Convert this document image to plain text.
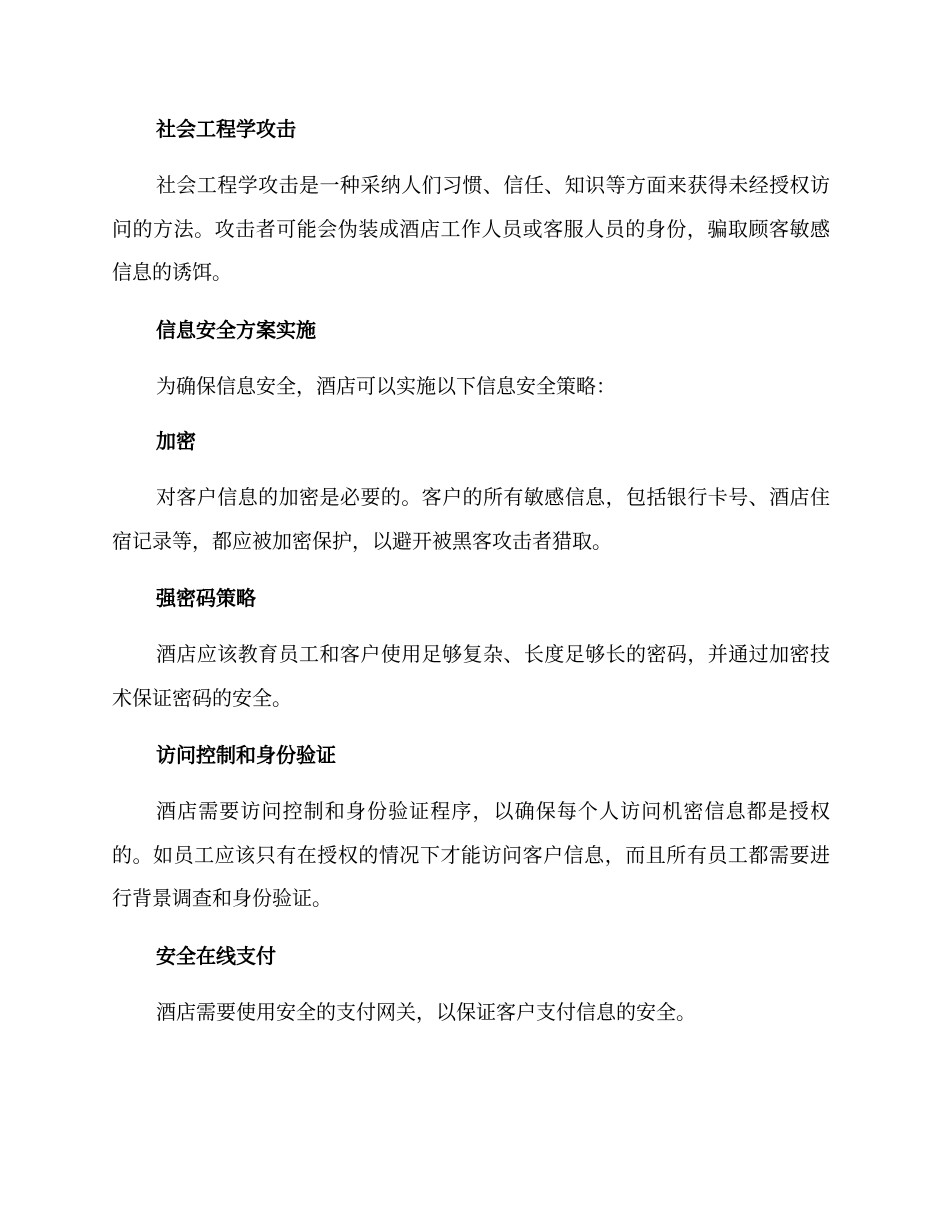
社会工程学攻击
社会工程学攻击是一种采纳人们习惯、信任、知识等方面来获得未经授权访问的方法。攻击者可能会伪装成酒店工作人员或客服人员的身份，骗取顾客敏感信息的诱饵。
信息安全方案实施
为确保信息安全，酒店可以实施以下信息安全策略：
加密
对客户信息的加密是必要的。客户的所有敏感信息，包括银行卡号、酒店住宿记录等，都应被加密保护，以避开被黑客攻击者猎取。
强密码策略
酒店应该教育员工和客户使用足够复杂、长度足够长的密码，并通过加密技术保证密码的安全。
访问控制和身份验证
酒店需要访问控制和身份验证程序，以确保每个人访问机密信息都是授权的。如员工应该只有在授权的情况下才能访问客户信息，而且所有员工都需要进行背景调查和身份验证。
安全在线支付
酒店需要使用安全的支付网关，以保证客户支付信息的安全。
